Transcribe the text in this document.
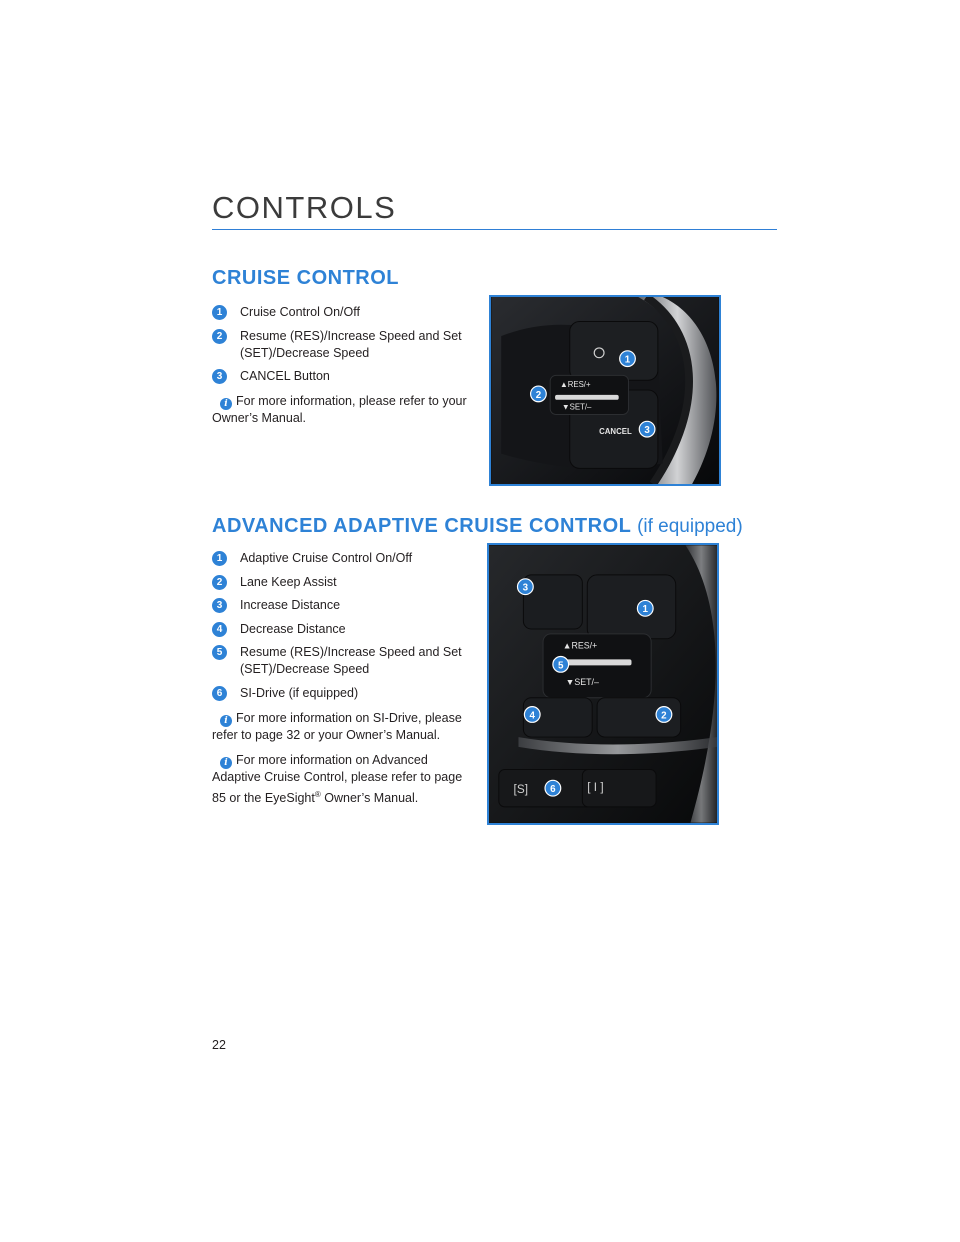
CONTROLS
CRUISE CONTROL
1	Cruise Control On/Off
2	Resume (RES)/Increase Speed and Set (SET)/Decrease Speed
3	CANCEL Button

i For more information, please refer to your Owner’s Manual.

▲RES/+
▼SET/–
CANCEL
1
2
3
ADVANCED ADAPTIVE CRUISE CONTROL (if equipped)
1	Adaptive Cruise Control On/Off
2	Lane Keep Assist
3	Increase Distance
4	Decrease Distance
5	Resume (RES)/Increase Speed and Set (SET)/Decrease Speed
6	SI-Drive (if equipped)

i For more information on SI-Drive, please refer to page 32 or your Owner’s Manual.

i For more information on Advanced Adaptive Cruise Control, please refer to page 85 or the EyeSight® Owner’s Manual.

▲RES/+
▼SET/–
[S]	[ I ]
1
2
3
4
5
6
22
